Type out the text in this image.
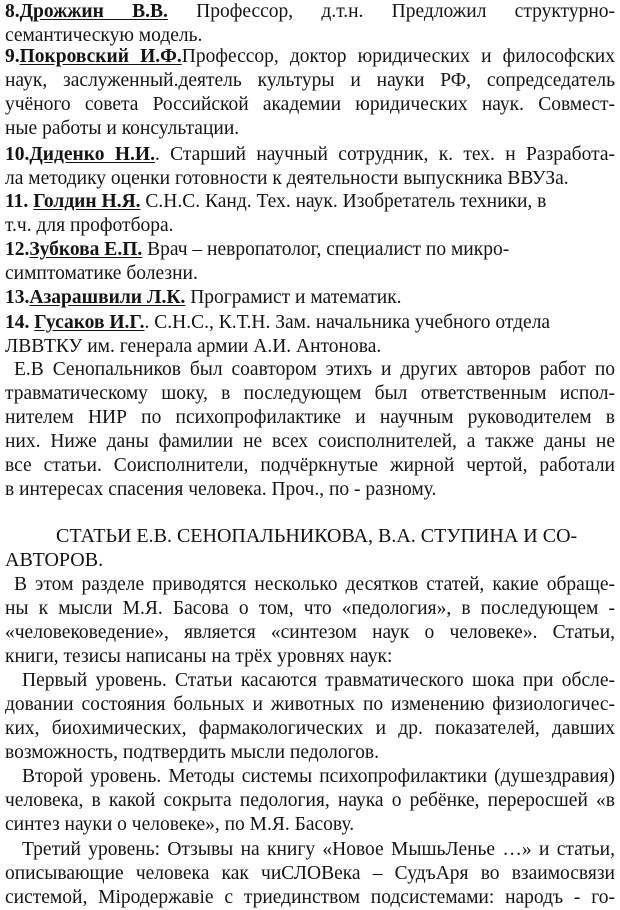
8.Дрожжин В.В. Профессор, д.т.н. Предложил структурно-
семантическую модель.
9.Покровский И.Ф.Профессор, доктор юридических и философских
наук, заслуженный.деятель культуры и науки РФ, сопредседатель
учёного совета Российской академии юридических наук. Совмест-
ные работы и консультации.
10.Диденко Н.И.. Старший научный сотрудник, к. тех. н Разработа-
ла методику оценки готовности к деятельности выпускника ВВУЗа.
11. Голдин Н.Я. С.Н.С. Канд. Тех. наук. Изобретатель техники, в
т.ч. для профотбора.
12.Зубкова Е.П. Врач – невропатолог, специалист по микро-
симптоматике болезни.
13.Азарашвили Л.К. Програмист и математик.
14. Гусаков И.Г.. С.Н.С., К.Т.Н. Зам. начальника учебного отдела
ЛВВТКУ им. генерала армии А.И. Антонова.
Е.В Сенопальников был соавтором этихъ и других авторов работ по
травматическому шоку, в последующем был ответственным испол-
нителем НИР по психопрофилактике и научным руководителем в
них. Ниже даны фамилии не всех соисполнителей, а также даны не
все статьи. Соисполнители, подчёркнутые жирной чертой, работали
в интересах спасения человека. Проч., по - разному.
СТАТЬИ Е.В. СЕНОПАЛЬНИКОВА, В.А. СТУПИНА И СО-
АВТОРОВ.
В этом разделе приводятся несколько десятков статей, какие обраще-
ны к мысли М.Я. Басова о том, что «педология», в последующем -
«человековедение», является «синтезом наук о человеке». Статьи,
книги, тезисы написаны на трёх уровнях наук:
Первый уровень. Статьи касаются травматического шока при обсле-
довании состояния больных и животных по изменению физиологичес-
ких, биохимических, фармакологических и др. показателей, давших
возможность, подтвердить мысли педологов.
Второй уровень. Методы системы психопрофилактики (душездравия)
человека, в какой сокрыта педология, наука о ребёнке, переросшей «в
синтез науки о человеке», по М.Я. Басову.
Третий уровень: Отзывы на книгу «Новое МышьЛенье …» и статьи,
описывающие человека как чиСЛОВека – СудъАря во взаимосвязи
системой, Міродержавіе с триединством подсистемами: народъ - го-
